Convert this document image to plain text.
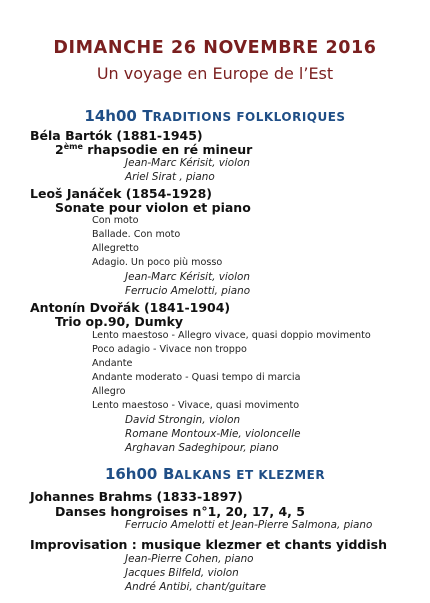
DIMANCHE 26 NOVEMBRE 2016
Un voyage en Europe de l’Est
14h00 TRADITIONS FOLKLORIQUES
Béla Bartók (1881-1945)
2ème rhapsodie en ré mineur
Jean-Marc Kérisit, violon
Ariel Sirat , piano
Leoš Janáček (1854-1928)
Sonate pour violon et piano
Con moto
Ballade. Con moto
Allegretto
Adagio. Un poco più mosso
Jean-Marc Kérisit, violon
Ferrucio Amelotti, piano
Antonín Dvořák (1841-1904)
Trio op.90, Dumky
Lento maestoso - Allegro vivace, quasi doppio movimento
Poco adagio - Vivace non troppo
Andante
Andante moderato - Quasi tempo di marcia
Allegro
Lento maestoso - Vivace, quasi movimento
David Strongin, violon
Romane Montoux-Mie, violoncelle
Arghavan Sadeghipour, piano
16h00 BALKANS ET KLEZMER
Johannes Brahms (1833-1897)
Danses hongroises n°1, 20, 17, 4, 5
Ferrucio Amelotti et Jean-Pierre Salmona, piano
Improvisation : musique klezmer et chants yiddish
Jean-Pierre Cohen, piano
Jacques Bilfeld, violon
André Antibi, chant/guitare
